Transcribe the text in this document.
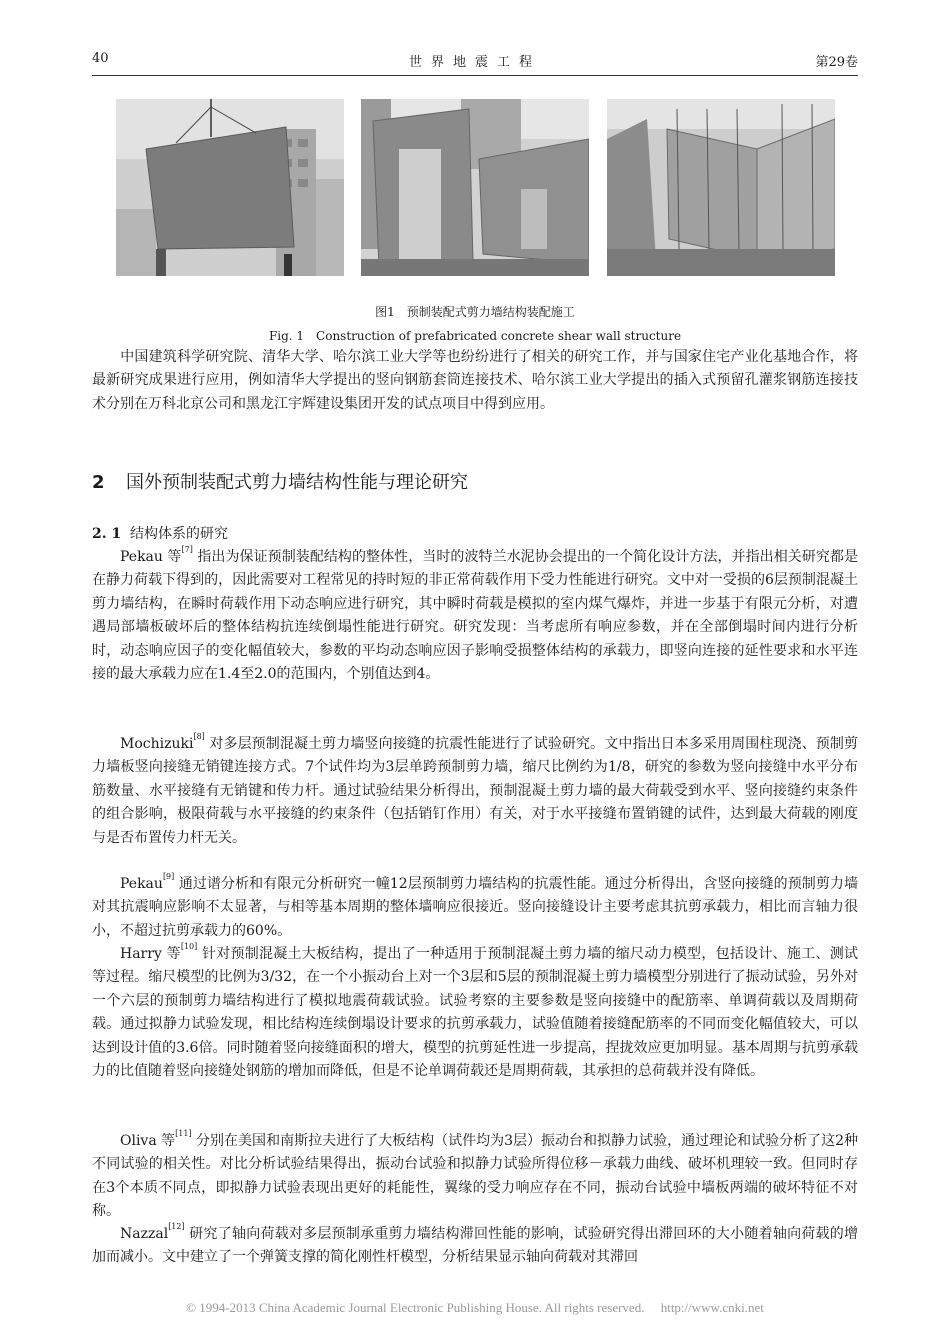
40	世界地震工程	第29卷
图1　预制装配式剪力墙结构装配施工
Fig. 1　Construction of prefabricated concrete shear wall structure

中国建筑科学研究院、清华大学、哈尔滨工业大学等也纷纷进行了相关的研究工作，并与国家住宅产业化基地合作，将最新研究成果进行应用，例如清华大学提出的竖向钢筋套筒连接技术、哈尔滨工业大学提出的插入式预留孔灌浆钢筋连接技术分别在万科北京公司和黑龙江宇辉建设集团开发的试点项目中得到应用。

2 国外预制装配式剪力墙结构性能与理论研究
2. 1 结构体系的研究

Pekau 等[7] 指出为保证预制装配结构的整体性，当时的波特兰水泥协会提出的一个简化设计方法，并指出相关研究都是在静力荷载下得到的，因此需要对工程常见的持时短的非正常荷载作用下受力性能进行研究。文中对一受损的6层预制混凝土剪力墙结构，在瞬时荷载作用下动态响应进行研究，其中瞬时荷载是模拟的室内煤气爆炸，并进一步基于有限元分析，对遭遇局部墙板破坏后的整体结构抗连续倒塌性能进行研究。研究发现：当考虑所有响应参数，并在全部倒塌时间内进行分析时，动态响应因子的变化幅值较大，参数的平均动态响应因子影响受损整体结构的承载力，即竖向连接的延性要求和水平连接的最大承载力应在1.4至2.0的范围内，个别值达到4。

Mochizuki[8] 对多层预制混凝土剪力墙竖向接缝的抗震性能进行了试验研究。文中指出日本多采用周围柱现浇、预制剪力墙板竖向接缝无销键连接方式。7个试件均为3层单跨预制剪力墙，缩尺比例约为1/8，研究的参数为竖向接缝中水平分布筋数量、水平接缝有无销键和传力杆。通过试验结果分析得出，预制混凝土剪力墙的最大荷载受到水平、竖向接缝约束条件的组合影响，极限荷载与水平接缝的约束条件（包括销钉作用）有关，对于水平接缝布置销键的试件，达到最大荷载的刚度与是否布置传力杆无关。

Pekau[9] 通过谱分析和有限元分析研究一幢12层预制剪力墙结构的抗震性能。通过分析得出，含竖向接缝的预制剪力墙对其抗震响应影响不太显著，与相等基本周期的整体墙响应很接近。竖向接缝设计主要考虑其抗剪承载力，相比而言轴力很小，不超过抗剪承载力的60%。

Harry 等[10] 针对预制混凝土大板结构，提出了一种适用于预制混凝土剪力墙的缩尺动力模型，包括设计、施工、测试等过程。缩尺模型的比例为3/32，在一个小振动台上对一个3层和5层的预制混凝土剪力墙模型分别进行了振动试验，另外对一个六层的预制剪力墙结构进行了模拟地震荷载试验。试验考察的主要参数是竖向接缝中的配筋率、单调荷载以及周期荷载。通过拟静力试验发现，相比结构连续倒塌设计要求的抗剪承载力，试验值随着接缝配筋率的不同而变化幅值较大，可以达到设计值的3.6倍。同时随着竖向接缝面积的增大，模型的抗剪延性进一步提高，捏拢效应更加明显。基本周期与抗剪承载力的比值随着竖向接缝处钢筋的增加而降低，但是不论单调荷载还是周期荷载，其承担的总荷载并没有降低。

Oliva 等[11] 分别在美国和南斯拉夫进行了大板结构（试件均为3层）振动台和拟静力试验，通过理论和试验分析了这2种不同试验的相关性。对比分析试验结果得出，振动台试验和拟静力试验所得位移－承载力曲线、破坏机理较一致。但同时存在3个本质不同点，即拟静力试验表现出更好的耗能性，翼缘的受力响应存在不同，振动台试验中墙板两端的破坏特征不对称。

Nazzal[12] 研究了轴向荷载对多层预制承重剪力墙结构滞回性能的影响，试验研究得出滞回环的大小随着轴向荷载的增加而减小。文中建立了一个弹簧支撑的简化刚性杆模型，分析结果显示轴向荷载对其滞回

© 1994-2013 China Academic Journal Electronic Publishing House. All rights reserved.　 http://www.cnki.net
